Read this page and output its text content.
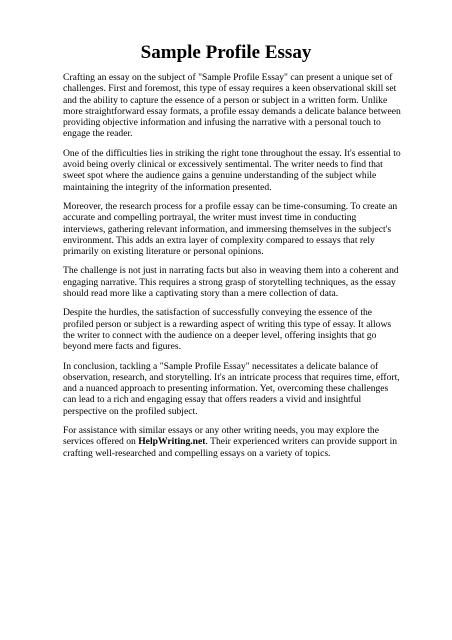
Sample Profile Essay

Crafting an essay on the subject of "Sample Profile Essay" can present a unique set of challenges. First and foremost, this type of essay requires a keen observational skill set and the ability to capture the essence of a person or subject in a written form. Unlike more straightforward essay formats, a profile essay demands a delicate balance between providing objective information and infusing the narrative with a personal touch to engage the reader.

One of the difficulties lies in striking the right tone throughout the essay. It's essential to avoid being overly clinical or excessively sentimental. The writer needs to find that sweet spot where the audience gains a genuine understanding of the subject while maintaining the integrity of the information presented.

Moreover, the research process for a profile essay can be time-consuming. To create an accurate and compelling portrayal, the writer must invest time in conducting interviews, gathering relevant information, and immersing themselves in the subject's environment. This adds an extra layer of complexity compared to essays that rely primarily on existing literature or personal opinions.

The challenge is not just in narrating facts but also in weaving them into a coherent and engaging narrative. This requires a strong grasp of storytelling techniques, as the essay should read more like a captivating story than a mere collection of data.

Despite the hurdles, the satisfaction of successfully conveying the essence of the profiled person or subject is a rewarding aspect of writing this type of essay. It allows the writer to connect with the audience on a deeper level, offering insights that go beyond mere facts and figures.

In conclusion, tackling a "Sample Profile Essay" necessitates a delicate balance of observation, research, and storytelling. It's an intricate process that requires time, effort, and a nuanced approach to presenting information. Yet, overcoming these challenges can lead to a rich and engaging essay that offers readers a vivid and insightful perspective on the profiled subject.

For assistance with similar essays or any other writing needs, you may explore the services offered on HelpWriting.net. Their experienced writers can provide support in crafting well-researched and compelling essays on a variety of topics.
